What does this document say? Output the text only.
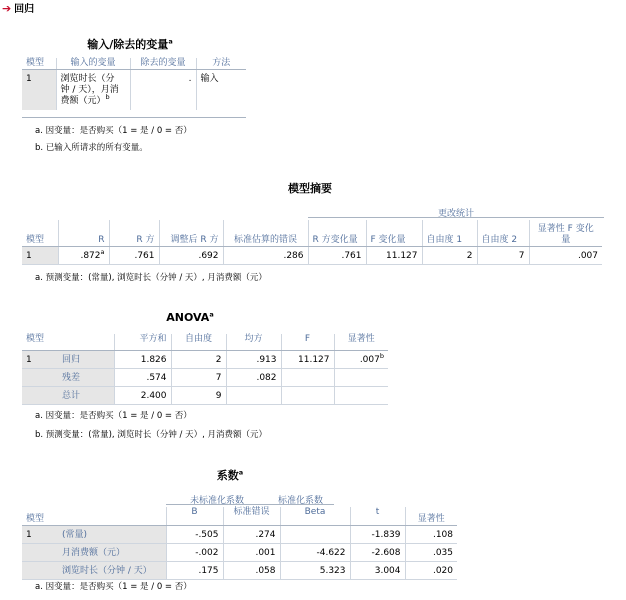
➔ 回归
输入/除去的变量$^a$
模型	输入的变量	除去的变量	方法
1	浏览时长（分
钟 / 天），月消
费额（元）$^b$	.	输入
a. 因变量：是否购买（1 = 是 / 0 = 否）
b. 已输入所请求的所有变量。
模型摘要
更改统计
模型	R	R 方	调整后 R 方	标准估算的错误	R 方变化量	F 变化量	自由度 1	自由度 2	显著性 F 变化量
1	.872$^a$	.761	.692	.286	.761	11.127	2	7	.007
a. 预测变量：(常量), 浏览时长（分钟 / 天）, 月消费额（元）
ANOVA$^a$
模型		平方和	自由度	均方	F	显著性
1	回归	1.826	2	.913	11.127	.007$^b$
	残差	.574	7	.082		
	总计	2.400	9			
a. 因变量：是否购买（1 = 是 / 0 = 否）
b. 预测变量：(常量), 浏览时长（分钟 / 天）, 月消费额（元）
系数$^a$
未标准化系数	标准化系数
模型		B	标准错误	Beta	t	显著性
1	(常量)	-.505	.274		-1.839	.108
	月消费额（元）	-.002	.001	-4.622	-2.608	.035
	浏览时长（分钟 / 天）	.175	.058	5.323	3.004	.020
a. 因变量：是否购买（1 = 是 / 0 = 否）
